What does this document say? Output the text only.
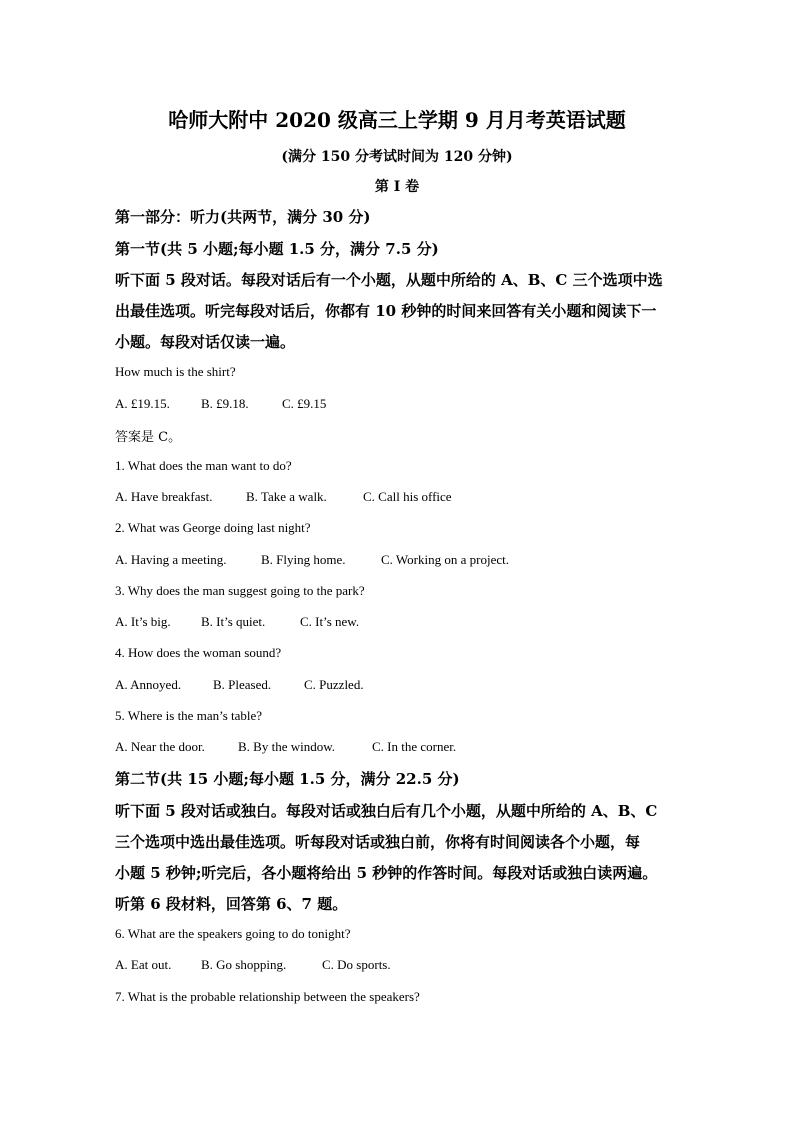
哈师大附中 2020 级高三上学期 9 月月考英语试题
(满分 150 分考试时间为 120 分钟)
第 I 卷
第一部分：听力(共两节，满分 30 分)
第一节(共 5 小题;每小题 1.5 分，满分 7.5 分)
听下面 5 段对话。每段对话后有一个小题，从题中所给的 A、B、C 三个选项中选
出最佳选项。听完每段对话后，你都有 10 秒钟的时间来回答有关小题和阅读下一
小题。每段对话仅读一遍。
How much is the shirt?
A. £19.15. B. £9.18.	C. £9.15
答案是 C。
1. What does the man want to do?
A. Have breakfast.	B. Take a walk.	C. Call his office
2. What was George doing last night?
A. Having a meeting.	B. Flying home.	C. Working on a project.
3. Why does the man suggest going to the park?
A. It’s big. B. It’s quiet.	C. It’s new.
4. How does the woman sound?
A. Annoyed. B. Pleased.	C. Puzzled.
5. Where is the man’s table?
A. Near the door.	B. By the window.	C. In the corner.
第二节(共 15 小题;每小题 1.5 分，满分 22.5 分)
听下面 5 段对话或独白。每段对话或独白后有几个小题，从题中所给的 A、B、C
三个选项中选出最佳选项。听每段对话或独白前，你将有时间阅读各个小题，每
小题 5 秒钟;听完后，各小题将给出 5 秒钟的作答时间。每段对话或独白读两遍。
听第 6 段材料，回答第 6、7 题。
6. What are the speakers going to do tonight?
A. Eat out. B. Go shopping.	C. Do sports.
7. What is the probable relationship between the speakers?
